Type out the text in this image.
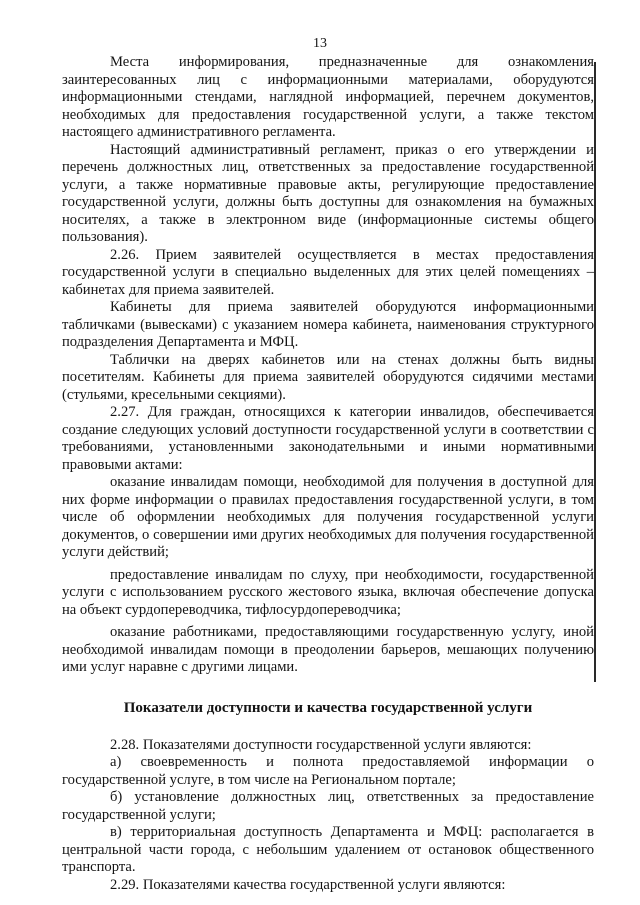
13

Места информирования, предназначенные для ознакомления заинтересованных лиц с информационными материалами, оборудуются информационными стендами, наглядной информацией, перечнем документов, необходимых для предоставления государственной услуги, а также текстом настоящего административного регламента.

Настоящий административный регламент, приказ о его утверждении и перечень должностных лиц, ответственных за предоставление государственной услуги, а также нормативные правовые акты, регулирующие предоставление государственной услуги, должны быть доступны для ознакомления на бумажных носителях, а также в электронном виде (информационные системы общего пользования).

2.26. Прием заявителей осуществляется в местах предоставления государственной услуги в специально выделенных для этих целей помещениях – кабинетах для приема заявителей.

Кабинеты для приема заявителей оборудуются информационными табличками (вывесками) с указанием номера кабинета, наименования структурного подразделения Департамента и МФЦ.

Таблички на дверях кабинетов или на стенах должны быть видны посетителям. Кабинеты для приема заявителей оборудуются сидячими местами (стульями, кресельными секциями).

2.27. Для граждан, относящихся к категории инвалидов, обеспечивается создание следующих условий доступности государственной услуги в соответствии с требованиями, установленными законодательными и иными нормативными правовыми актами:

оказание инвалидам помощи, необходимой для получения в доступной для них форме информации о правилах предоставления государственной услуги, в том числе об оформлении необходимых для получения государственной услуги документов, о совершении ими других необходимых для получения государственной услуги действий;

предоставление инвалидам по слуху, при необходимости, государственной услуги с использованием русского жестового языка, включая обеспечение допуска на объект сурдопереводчика, тифлосурдопереводчика;

оказание работниками, предоставляющими государственную услугу, иной необходимой инвалидам помощи в преодолении барьеров, мешающих получению ими услуг наравне с другими лицами.

Показатели доступности и качества государственной услуги

2.28. Показателями доступности государственной услуги являются:

а) своевременность и полнота предоставляемой информации о государственной услуге, в том числе на Региональном портале;

б) установление должностных лиц, ответственных за предоставление государственной услуги;

в) территориальная доступность Департамента и МФЦ: располагается в центральной части города, с небольшим удалением от остановок общественного транспорта.

2.29. Показателями качества государственной услуги являются:
